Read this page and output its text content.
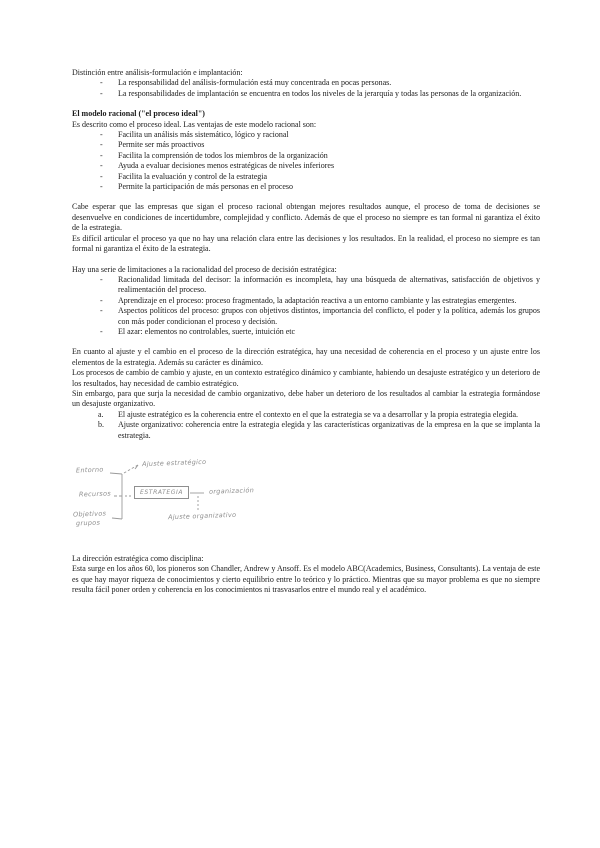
Distinción entre análisis-formulación e implantación:

- La responsabilidad del análisis-formulación está muy concentrada en pocas personas.
- La responsabilidades de implantación se encuentra en todos los niveles de la jerarquía y todas las personas de la organización.

El modelo racional ("el proceso ideal")

Es descrito como el proceso ideal. Las ventajas de este modelo racional son:

- Facilita un análisis más sistemático, lógico y racional
- Permite ser más proactivos
- Facilita la comprensión de todos los miembros de la organización
- Ayuda a evaluar decisiones menos estratégicas de niveles inferiores
- Facilita la evaluación y control de la estrategia
- Permite la participación de más personas en el proceso

Cabe esperar que las empresas que sigan el proceso racional obtengan mejores resultados aunque, el proceso de toma de decisiones se desenvuelve en condiciones de incertidumbre, complejidad y conflicto. Además de que el proceso no siempre es tan formal ni garantiza el éxito de la estrategia.

Es difícil articular el proceso ya que no hay una relación clara entre las decisiones y los resultados. En la realidad, el proceso no siempre es tan formal ni garantiza el éxito de la estrategia.

Hay una serie de limitaciones a la racionalidad del proceso de decisión estratégica:

- Racionalidad limitada del decisor: la información es incompleta, hay una búsqueda de alternativas, satisfacción de objetivos y realimentación del proceso.
- Aprendizaje en el proceso: proceso fragmentado, la adaptación reactiva a un entorno cambiante y las estrategias emergentes.
- Aspectos políticos del proceso: grupos con objetivos distintos, importancia del conflicto, el poder y la política, además los grupos con más poder condicionan el proceso y decisión.
- El azar: elementos no controlables, suerte, intuición etc

En cuanto al ajuste y el cambio en el proceso de la dirección estratégica, hay una necesidad de coherencia en el proceso y un ajuste entre los elementos de la estrategia. Además su carácter es dinámico.

Los procesos de cambio de cambio y ajuste, en un contexto estratégico dinámico y cambiante, habiendo un desajuste estratégico y un deterioro de los resultados, hay necesidad de cambio estratégico.

Sin embargo, para que surja la necesidad de cambio organizativo, debe haber un deterioro de los resultados al cambiar la estrategia formándose un desajuste organizativo.

a. El ajuste estratégico es la coherencia entre el contexto en el que la estrategia se va a desarrollar y la propia estrategia elegida.
b. Ajuste organizativo: coherencia entre la estrategia elegida y las características organizativas de la empresa en la que se implanta la estrategia.
Entorno
Recursos
Objetivos
grupos
Ajuste estratégico
ESTRATEGIA	organización
Ajuste organizativo

La dirección estratégica como disciplina:

Esta surge en los años 60, los pioneros son Chandler, Andrew y Ansoff. Es el modelo ABC(Academics, Business, Consultants). La ventaja de este es que hay mayor riqueza de conocimientos y cierto equilibrio entre lo teórico y lo práctico. Mientras que su mayor problema es que no siempre resulta fácil poner orden y coherencia en los conocimientos ni trasvasarlos entre el mundo real y el académico.
